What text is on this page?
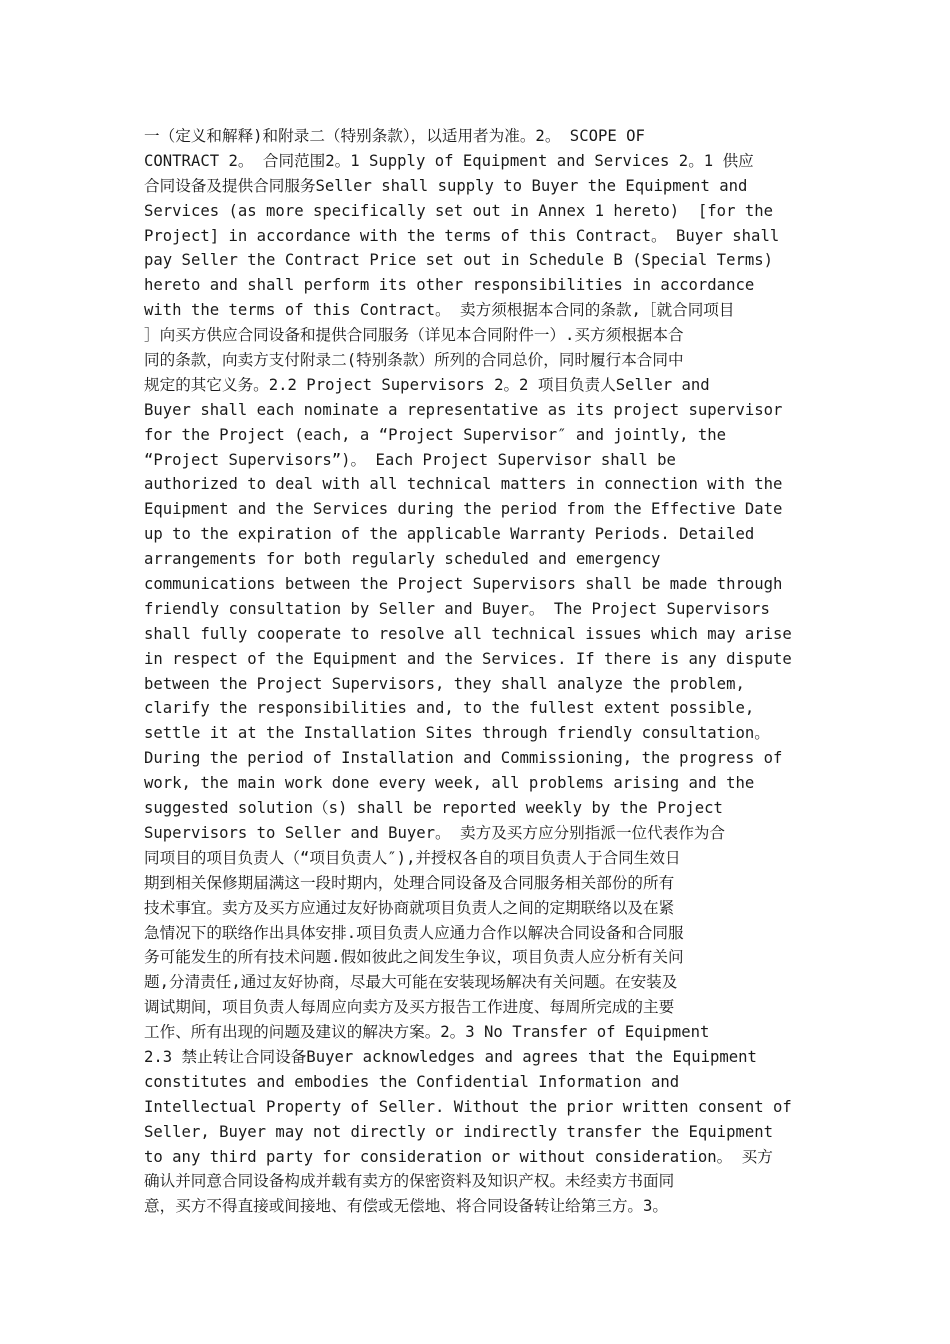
一（定义和解释)和附录二（特别条款），以适用者为准。2。 SCOPE OF
CONTRACT 2。 合同范围2。1 Supply of Equipment and Services 2。1 供应
合同设备及提供合同服务Seller shall supply to Buyer the Equipment and
Services (as more specifically set out in Annex 1 hereto)  [for the
Project] in accordance with the terms of this Contract。 Buyer shall
pay Seller the Contract Price set out in Schedule B (Special Terms)
hereto and shall perform its other responsibilities in accordance
with the terms of this Contract。 卖方须根据本合同的条款,［就合同项目
］向买方供应合同设备和提供合同服务（详见本合同附件一）.买方须根据本合
同的条款，向卖方支付附录二(特别条款）所列的合同总价，同时履行本合同中
规定的其它义务。2.2 Project Supervisors 2。2 项目负责人Seller and
Buyer shall each nominate a representative as its project supervisor
for the Project (each, a “Project Supervisor″ and jointly, the
“Project Supervisors”)。 Each Project Supervisor shall be
authorized to deal with all technical matters in connection with the
Equipment and the Services during the period from the Effective Date
up to the expiration of the applicable Warranty Periods. Detailed
arrangements for both regularly scheduled and emergency
communications between the Project Supervisors shall be made through
friendly consultation by Seller and Buyer。 The Project Supervisors
shall fully cooperate to resolve all technical issues which may arise
in respect of the Equipment and the Services. If there is any dispute
between the Project Supervisors, they shall analyze the problem,
clarify the responsibilities and, to the fullest extent possible,
settle it at the Installation Sites through friendly consultation。
During the period of Installation and Commissioning, the progress of
work, the main work done every week, all problems arising and the
suggested solution（s) shall be reported weekly by the Project
Supervisors to Seller and Buyer。 卖方及买方应分别指派一位代表作为合
同项目的项目负责人（“项目负责人″),并授权各自的项目负责人于合同生效日
期到相关保修期届满这一段时期内，处理合同设备及合同服务相关部份的所有
技术事宜。卖方及买方应通过友好协商就项目负责人之间的定期联络以及在紧
急情况下的联络作出具体安排.项目负责人应通力合作以解决合同设备和合同服
务可能发生的所有技术问题.假如彼此之间发生争议，项目负责人应分析有关问
题,分清责任,通过友好协商，尽最大可能在安装现场解决有关问题。在安装及
调试期间，项目负责人每周应向卖方及买方报告工作进度、每周所完成的主要
工作、所有出现的问题及建议的解决方案。2。3 No Transfer of Equipment
2.3 禁止转让合同设备Buyer acknowledges and agrees that the Equipment
constitutes and embodies the Confidential Information and
Intellectual Property of Seller. Without the prior written consent of
Seller, Buyer may not directly or indirectly transfer the Equipment
to any third party for consideration or without consideration。 买方
确认并同意合同设备构成并载有卖方的保密资料及知识产权。未经卖方书面同
意，买方不得直接或间接地、有偿或无偿地、将合同设备转让给第三方。3。
